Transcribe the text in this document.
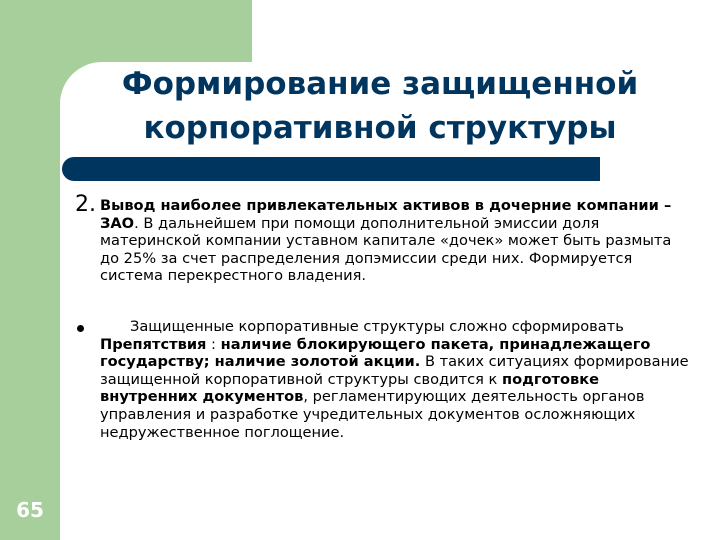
65
Формирование защищенной
корпоративной структуры
2. Вывод наиболее привлекательных активов в дочерние компании –ЗАО. В дальнейшем при помощи дополнительной эмиссии доля материнской компании уставном капитале «дочек» может быть размыта до 25% за счет распределения допэмиссии среди них. Формируется система перекрестного владения.
Защищенные корпоративные структуры сложно сформировать Препятствия : наличие блокирующего пакета, принадлежащего государству; наличие золотой акции. В таких ситуациях формирование защищенной корпоративной структуры сводится к подготовке внутренних документов, регламентирующих деятельность органов управления и разработке учредительных документов осложняющих недружественное поглощение.
